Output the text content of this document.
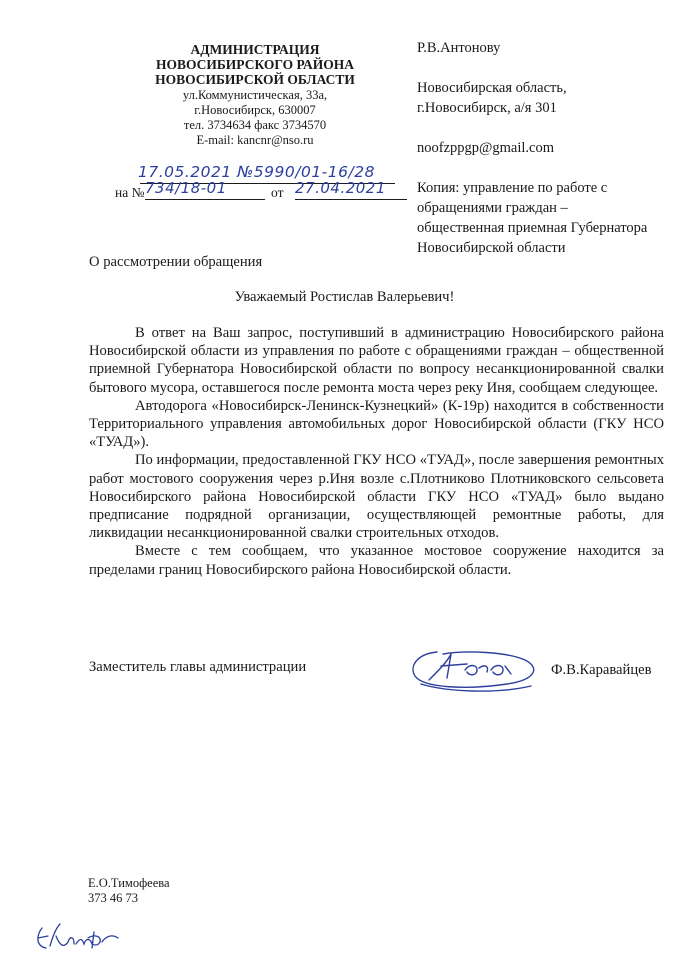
АДМИНИСТРАЦИЯ
НОВОСИБИРСКОГО РАЙОНА
НОВОСИБИРСКОЙ ОБЛАСТИ
ул.Коммунистическая, 33а,
г.Новосибирск, 630007
тел. 3734634 факс 3734570
E-mail: kancnr@nso.ru
17.05.2021 №5990/01-16/28
на № 734/18-01	от 27.04.2021
Р.В.Антонову
Новосибирская область,
г.Новосибирск, а/я 301
noofzppgp@gmail.com
Копия: управление по работе с
обращениями граждан –
общественная приемная Губернатора
Новосибирской области
О рассмотрении обращения
Уважаемый Ростислав Валерьевич!

В ответ на Ваш запрос, поступивший в администрацию Новосибирского района Новосибирской области из управления по работе с обращениями граждан – общественной приемной Губернатора Новосибирской области по вопросу несанкционированной свалки бытового мусора, оставшегося после ремонта моста через реку Иня, сообщаем следующее.

Автодорога «Новосибирск-Ленинск-Кузнецкий» (К-19р) находится в собственности Территориального управления автомобильных дорог Новосибирской области (ГКУ НСО «ТУАД»).

По информации, предоставленной ГКУ НСО «ТУАД», после завершения ремонтных работ мостового сооружения через р.Иня возле с.Плотниково Плотниковского сельсовета Новосибирского района Новосибирской области ГКУ НСО «ТУАД» было выдано предписание подрядной организации, осуществляющей ремонтные работы, для ликвидации несанкционированной свалки строительных отходов.

Вместе с тем сообщаем, что указанное мостовое сооружение находится за пределами границ Новосибирского района Новосибирской области.

Заместитель главы администрации	Ф.В.Каравайцев
Е.О.Тимофеева
373 46 73
